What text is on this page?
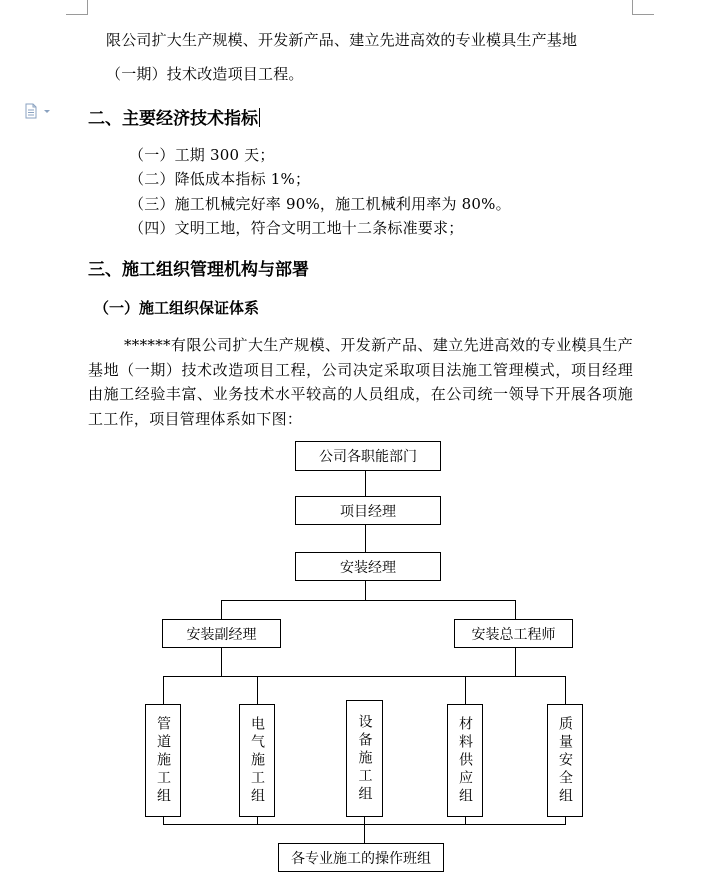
限公司扩大生产规模、开发新产品、建立先进高效的专业模具生产基地
（一期）技术改造项目工程。
二、主要经济技术指标
（一）工期 300 天；
（二）降低成本指标 1%；
（三）施工机械完好率 90%，施工机械利用率为 80%。
（四）文明工地，符合文明工地十二条标准要求；
三、施工组织管理机构与部署
（一）施工组织保证体系
******有限公司扩大生产规模、开发新产品、建立先进高效的专业模具生产基地（一期）技术改造项目工程，公司决定采取项目法施工管理模式，项目经理由施工经验丰富、业务技术水平较高的人员组成，在公司统一领导下开展各项施工工作，项目管理体系如下图：
公司各职能部门
项目经理
安装经理
安装副经理	安装总工程师
管道施工组	电气施工组	设备施工组	材料供应组	质量安全组
各专业施工的操作班组
